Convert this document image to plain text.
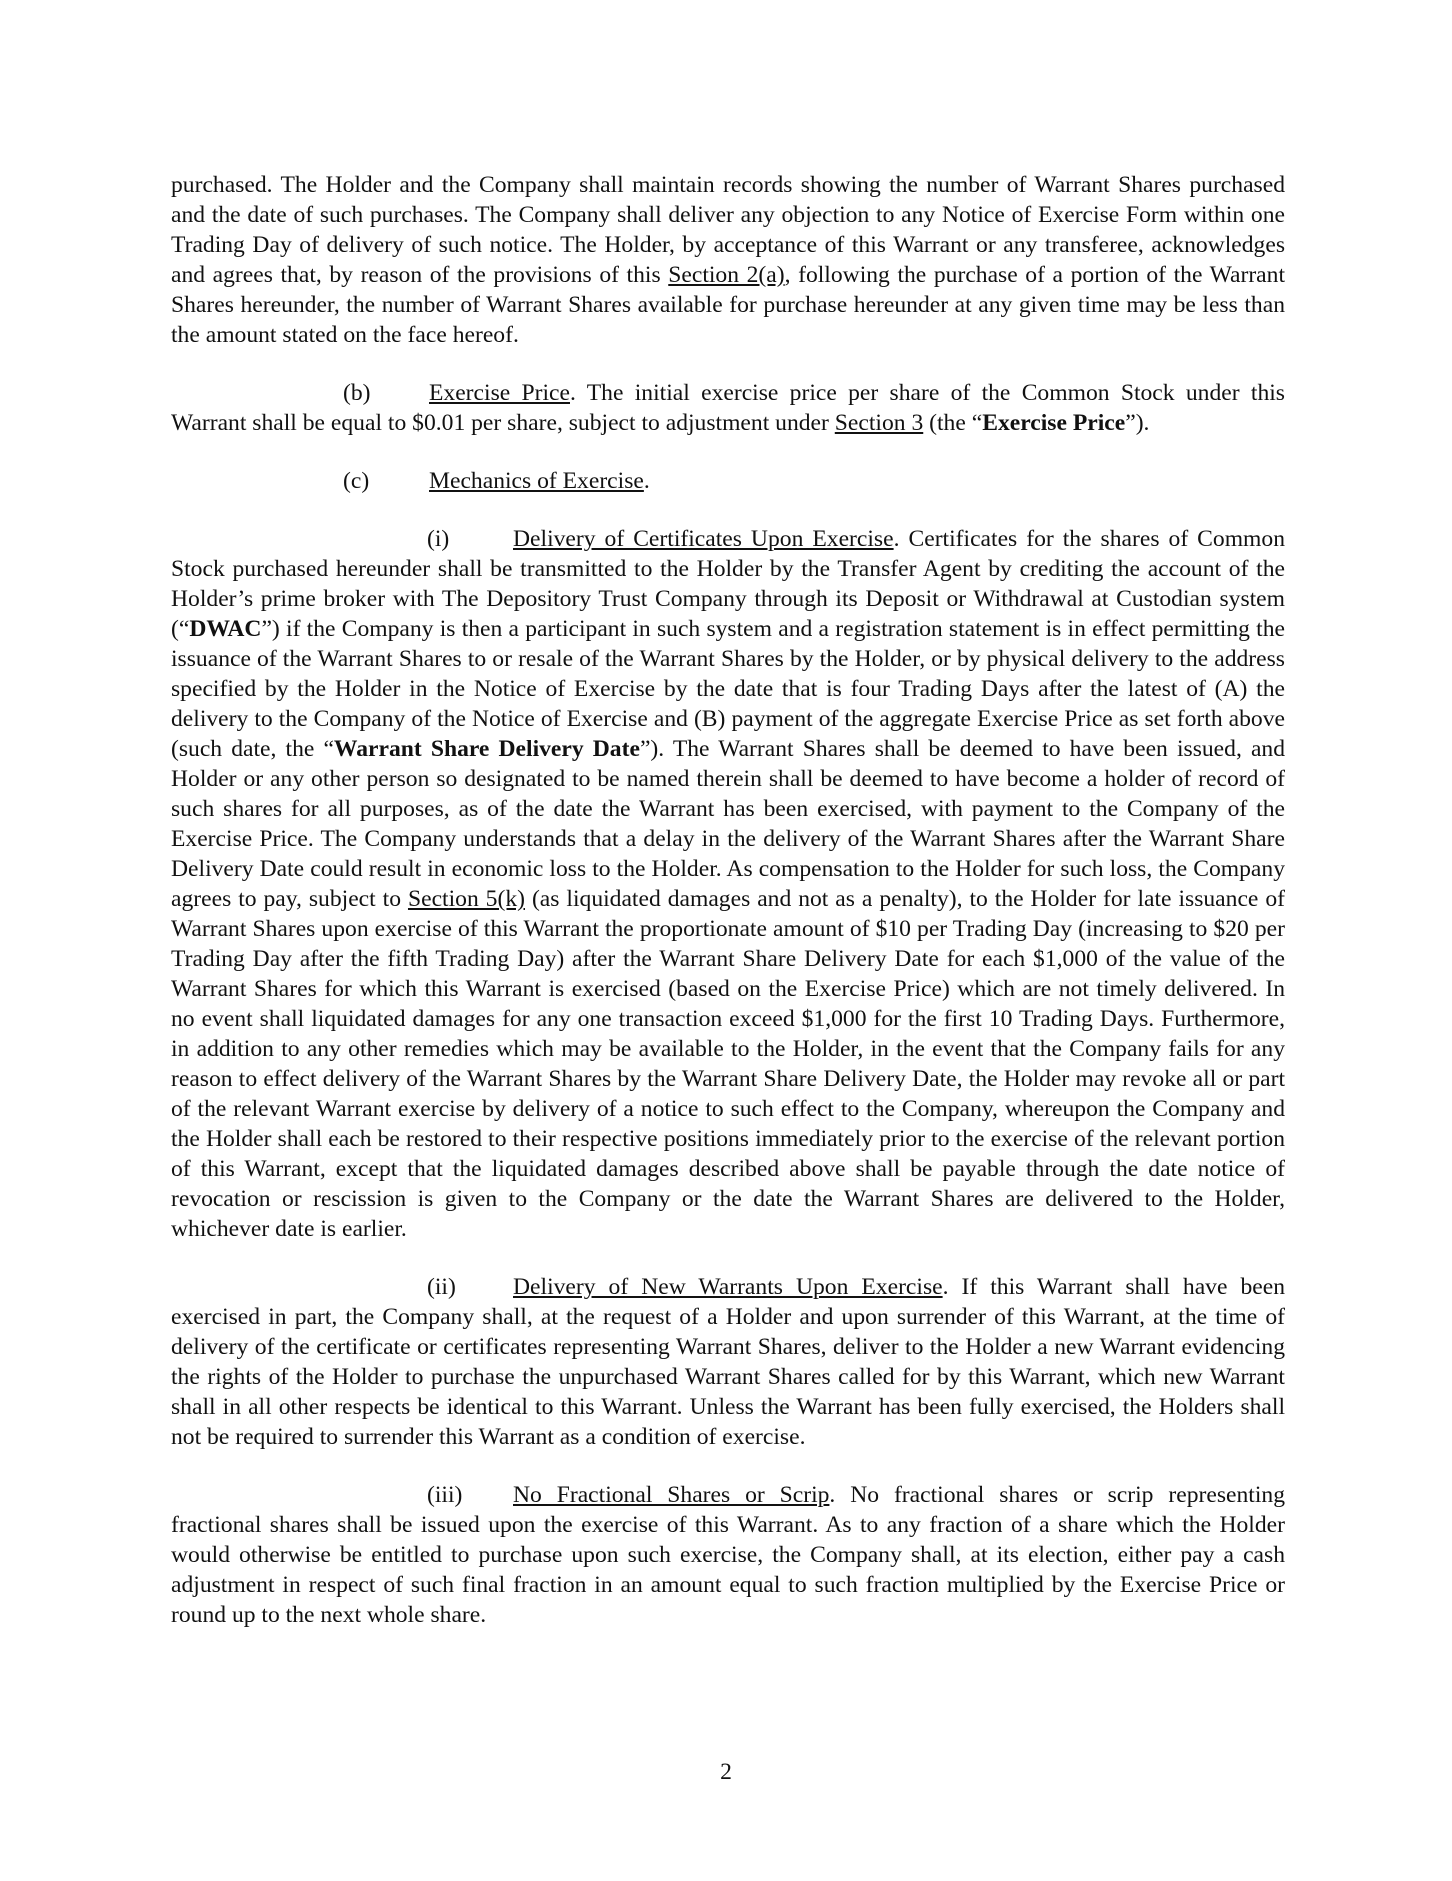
purchased. The Holder and the Company shall maintain records showing the number of Warrant Shares purchased and the date of such purchases. The Company shall deliver any objection to any Notice of Exercise Form within one Trading Day of delivery of such notice. The Holder, by acceptance of this Warrant or any transferee, acknowledges and agrees that, by reason of the provisions of this Section 2(a), following the purchase of a portion of the Warrant Shares hereunder, the number of Warrant Shares available for purchase hereunder at any given time may be less than the amount stated on the face hereof.

(b) Exercise Price. The initial exercise price per share of the Common Stock under this Warrant shall be equal to $0.01 per share, subject to adjustment under Section 3 (the “Exercise Price”).

(c)	Mechanics of Exercise.

(i)	Delivery of Certificates Upon Exercise. Certificates for the shares of Common Stock purchased hereunder shall be transmitted to the Holder by the Transfer Agent by crediting the account of the Holder’s prime broker with The Depository Trust Company through its Deposit or Withdrawal at Custodian system (“DWAC”) if the Company is then a participant in such system and a registration statement is in effect permitting the issuance of the Warrant Shares to or resale of the Warrant Shares by the Holder, or by physical delivery to the address specified by the Holder in the Notice of Exercise by the date that is four Trading Days after the latest of (A) the delivery to the Company of the Notice of Exercise and (B) payment of the aggregate Exercise Price as set forth above (such date, the “Warrant Share Delivery Date”). The Warrant Shares shall be deemed to have been issued, and Holder or any other person so designated to be named therein shall be deemed to have become a holder of record of such shares for all purposes, as of the date the Warrant has been exercised, with payment to the Company of the Exercise Price. The Company understands that a delay in the delivery of the Warrant Shares after the Warrant Share Delivery Date could result in economic loss to the Holder. As compensation to the Holder for such loss, the Company agrees to pay, subject to Section 5(k) (as liquidated damages and not as a penalty), to the Holder for late issuance of Warrant Shares upon exercise of this Warrant the proportionate amount of $10 per Trading Day (increasing to $20 per Trading Day after the fifth Trading Day) after the Warrant Share Delivery Date for each $1,000 of the value of the Warrant Shares for which this Warrant is exercised (based on the Exercise Price) which are not timely delivered. In no event shall liquidated damages for any one transaction exceed $1,000 for the first 10 Trading Days. Furthermore, in addition to any other remedies which may be available to the Holder, in the event that the Company fails for any reason to effect delivery of the Warrant Shares by the Warrant Share Delivery Date, the Holder may revoke all or part of the relevant Warrant exercise by delivery of a notice to such effect to the Company, whereupon the Company and the Holder shall each be restored to their respective positions immediately prior to the exercise of the relevant portion of this Warrant, except that the liquidated damages described above shall be payable through the date notice of revocation or rescission is given to the Company or the date the Warrant Shares are delivered to the Holder, whichever date is earlier.

(ii) Delivery of New Warrants Upon Exercise. If this Warrant shall have been exercised in part, the Company shall, at the request of a Holder and upon surrender of this Warrant, at the time of delivery of the certificate or certificates representing Warrant Shares, deliver to the Holder a new Warrant evidencing the rights of the Holder to purchase the unpurchased Warrant Shares called for by this Warrant, which new Warrant shall in all other respects be identical to this Warrant. Unless the Warrant has been fully exercised, the Holders shall not be required to surrender this Warrant as a condition of exercise.

(iii) No Fractional Shares or Scrip. No fractional shares or scrip representing fractional shares shall be issued upon the exercise of this Warrant. As to any fraction of a share which the Holder would otherwise be entitled to purchase upon such exercise, the Company shall, at its election, either pay a cash adjustment in respect of such final fraction in an amount equal to such fraction multiplied by the Exercise Price or round up to the next whole share.

2
